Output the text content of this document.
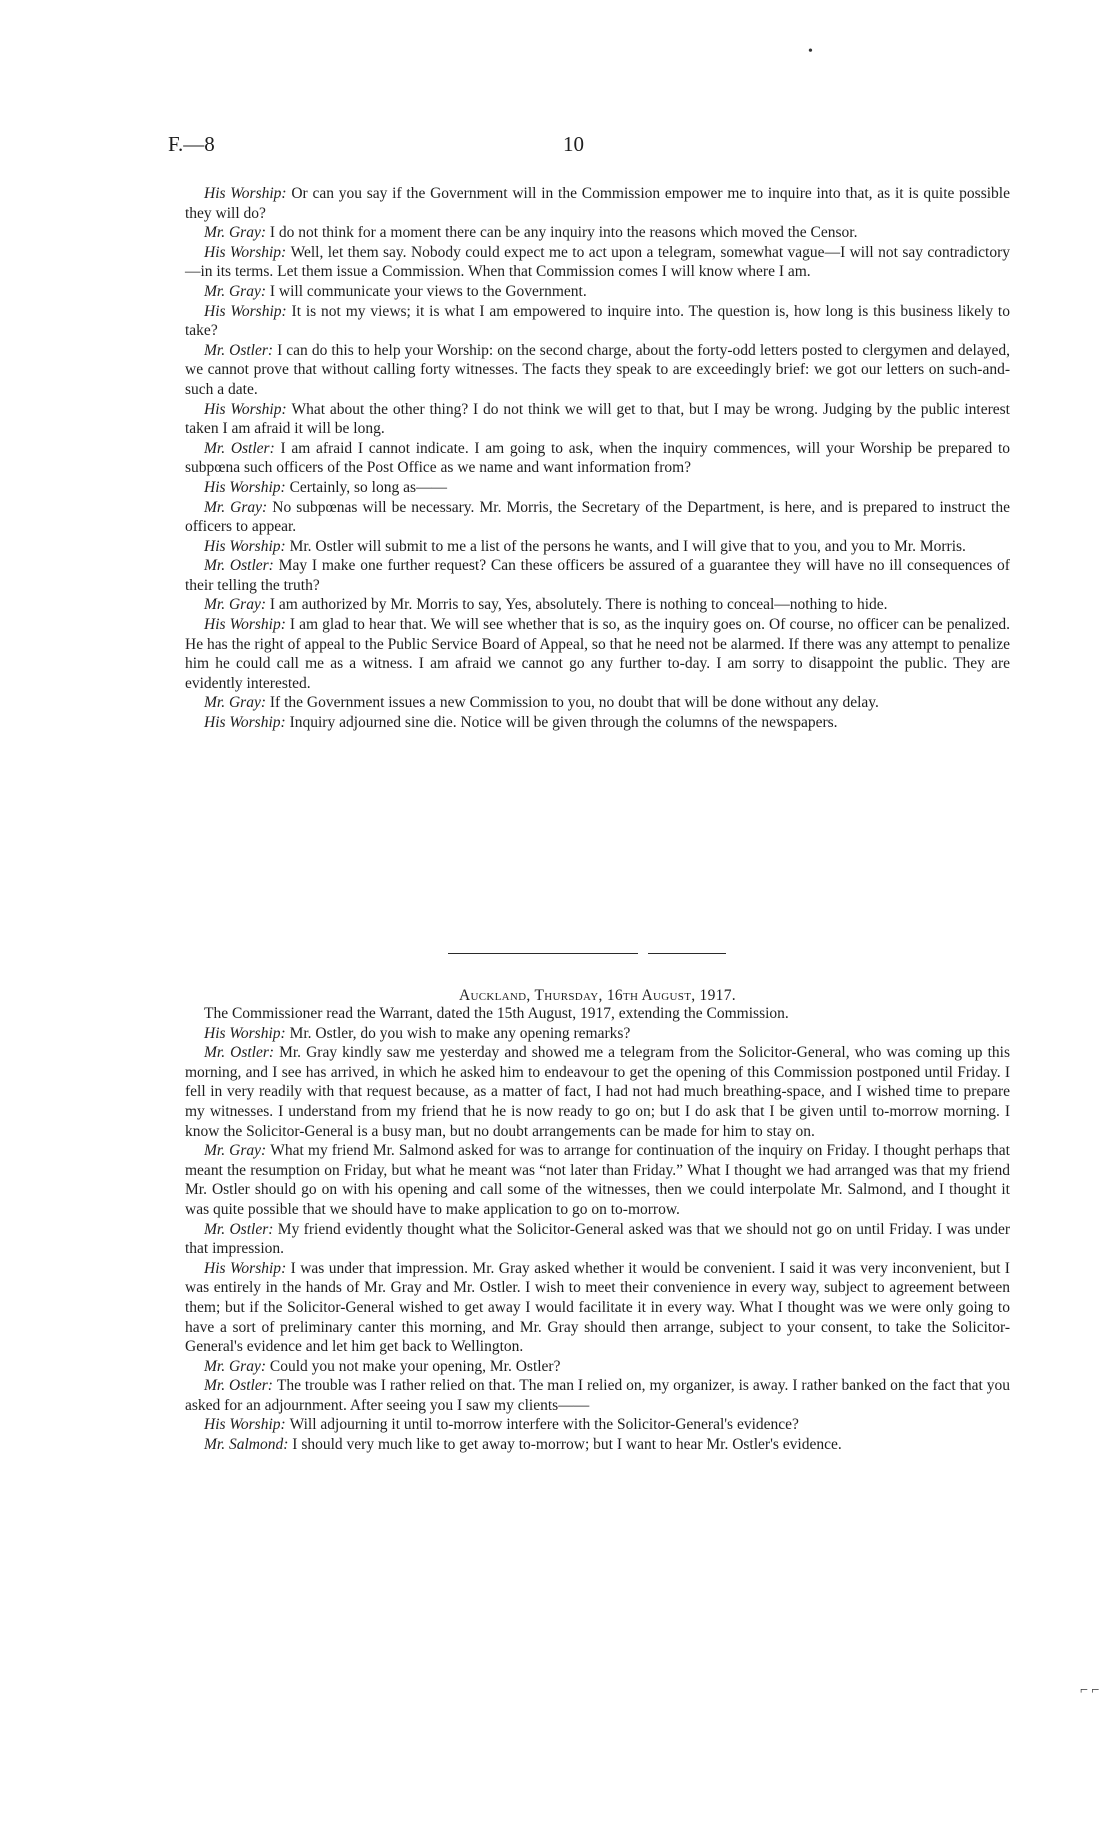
•
F.—8	10

His Worship : Or can you say if the Government will in the Commission empower me to inquire into that, as it is quite possible they will do?

Mr. Gray : I do not think for a moment there can be any inquiry into the reasons which moved the Censor.

His Worship : Well, let them say. Nobody could expect me to act upon a telegram, somewhat vague—I will not say contradictory—in its terms. Let them issue a Commission. When that Commission comes I will know where I am.

Mr. Gray : I will communicate your views to the Government.

His Worship : It is not my views; it is what I am empowered to inquire into. The question is, how long is this business likely to take?

Mr. Ostler : I can do this to help your Worship: on the second charge, about the forty-odd letters posted to clergymen and delayed, we cannot prove that without calling forty witnesses. The facts they speak to are exceedingly brief: we got our letters on such-and-such a date.

His Worship : What about the other thing? I do not think we will get to that, but I may be wrong. Judging by the public interest taken I am afraid it will be long.

Mr. Ostler : I am afraid I cannot indicate. I am going to ask, when the inquiry commences, will your Worship be prepared to subpœna such officers of the Post Office as we name and want information from?

His Worship : Certainly, so long as——

Mr. Gray : No subpœnas will be necessary. Mr. Morris, the Secretary of the Department, is here, and is prepared to instruct the officers to appear.

His Worship : Mr. Ostler will submit to me a list of the persons he wants, and I will give that to you, and you to Mr. Morris.

Mr. Ostler : May I make one further request? Can these officers be assured of a guarantee they will have no ill consequences of their telling the truth?

Mr. Gray : I am authorized by Mr. Morris to say, Yes, absolutely. There is nothing to conceal—nothing to hide.

His Worship : I am glad to hear that. We will see whether that is so, as the inquiry goes on. Of course, no officer can be penalized. He has the right of appeal to the Public Service Board of Appeal, so that he need not be alarmed. If there was any attempt to penalize him he could call me as a witness. I am afraid we cannot go any further to-day. I am sorry to disappoint the public. They are evidently interested.

Mr. Gray : If the Government issues a new Commission to you, no doubt that will be done without any delay.

His Worship : Inquiry adjourned sine die. Notice will be given through the columns of the newspapers.

Auckland, Thursday, 16th August, 1917.

The Commissioner read the Warrant, dated the 15th August, 1917, extending the Commission.

His Worship : Mr. Ostler, do you wish to make any opening remarks?

Mr. Ostler : Mr. Gray kindly saw me yesterday and showed me a telegram from the Solicitor-General, who was coming up this morning, and I see has arrived, in which he asked him to endeavour to get the opening of this Commission postponed until Friday. I fell in very readily with that request because, as a matter of fact, I had not had much breathing-space, and I wished time to prepare my witnesses. I understand from my friend that he is now ready to go on; but I do ask that I be given until to-morrow morning. I know the Solicitor-General is a busy man, but no doubt arrangements can be made for him to stay on.

Mr. Gray : What my friend Mr. Salmond asked for was to arrange for continuation of the inquiry on Friday. I thought perhaps that meant the resumption on Friday, but what he meant was “not later than Friday.” What I thought we had arranged was that my friend Mr. Ostler should go on with his opening and call some of the witnesses, then we could interpolate Mr. Salmond, and I thought it was quite possible that we should have to make application to go on to-morrow.

Mr. Ostler : My friend evidently thought what the Solicitor-General asked was that we should not go on until Friday. I was under that impression.

His Worship : I was under that impression. Mr. Gray asked whether it would be convenient. I said it was very inconvenient, but I was entirely in the hands of Mr. Gray and Mr. Ostler. I wish to meet their convenience in every way, subject to agreement between them; but if the Solicitor-General wished to get away I would facilitate it in every way. What I thought was we were only going to have a sort of preliminary canter this morning, and Mr. Gray should then arrange, subject to your consent, to take the Solicitor-General's evidence and let him get back to Wellington.

Mr. Gray : Could you not make your opening, Mr. Ostler?

Mr. Ostler : The trouble was I rather relied on that. The man I relied on, my organizer, is away. I rather banked on the fact that you asked for an adjournment. After seeing you I saw my clients——

His Worship : Will adjourning it until to-morrow interfere with the Solicitor-General's evidence?

Mr. Salmond : I should very much like to get away to-morrow; but I want to hear Mr. Ostler's evidence.

⌐ ⌐
